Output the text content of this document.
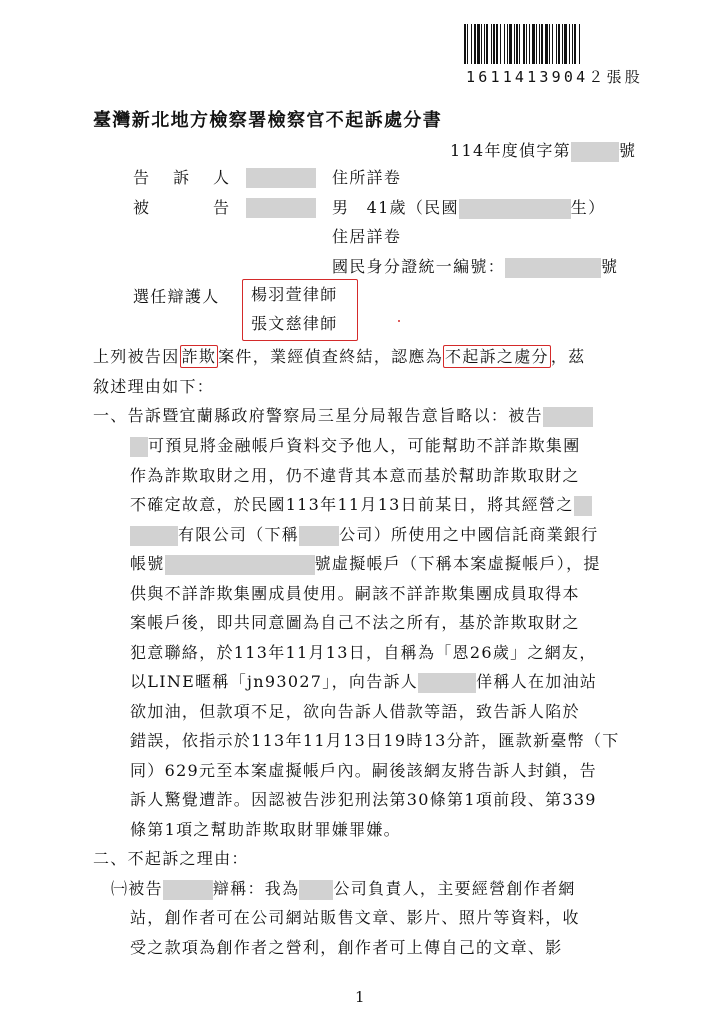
1611413904２張股
臺灣新北地方檢察署檢察官不起訴處分書
114年度偵字第	號
告　訴　人	住所詳卷
被　　　告	男　41歲（民國	生）
住居詳卷
國民身分證統一編號：	號
選任辯護人 楊羽萱律師
張文慈律師
上列被告因 詐欺 案件，業經偵查終結，認應為 不起訴之處分 ，茲
敘述理由如下：
一、告訴暨宜蘭縣政府警察局三星分局報告意旨略以：被告
可預見將金融帳戶資料交予他人，可能幫助不詳詐欺集團
作為詐欺取財之用，仍不違背其本意而基於幫助詐欺取財之
不確定故意，於民國113年11月13日前某日，將其經營之
有限公司（下稱	公司）所使用之中國信託商業銀行
帳號	號虛擬帳戶（下稱本案虛擬帳戶），提
供與不詳詐欺集團成員使用。嗣該不詳詐欺集團成員取得本
案帳戶後，即共同意圖為自己不法之所有，基於詐欺取財之
犯意聯絡，於113年11月13日，自稱為「恩26歲」之網友，
以LINE暱稱「jn93027」，向告訴人	佯稱人在加油站
欲加油，但款項不足，欲向告訴人借款等語，致告訴人陷於
錯誤，依指示於113年11月13日19時13分許，匯款新臺幣（下
同）629元至本案虛擬帳戶內。嗣後該網友將告訴人封鎖，告
訴人驚覺遭詐。因認被告涉犯刑法第30條第1項前段、第339
條第1項之幫助詐欺取財罪嫌罪嫌。
二、不起訴之理由：
㈠被告	辯稱：我為 公司負責人，主要經營創作者網
站，創作者可在公司網站販售文章、影片、照片等資料，收
受之款項為創作者之營利，創作者可上傳自己的文章、影
1
